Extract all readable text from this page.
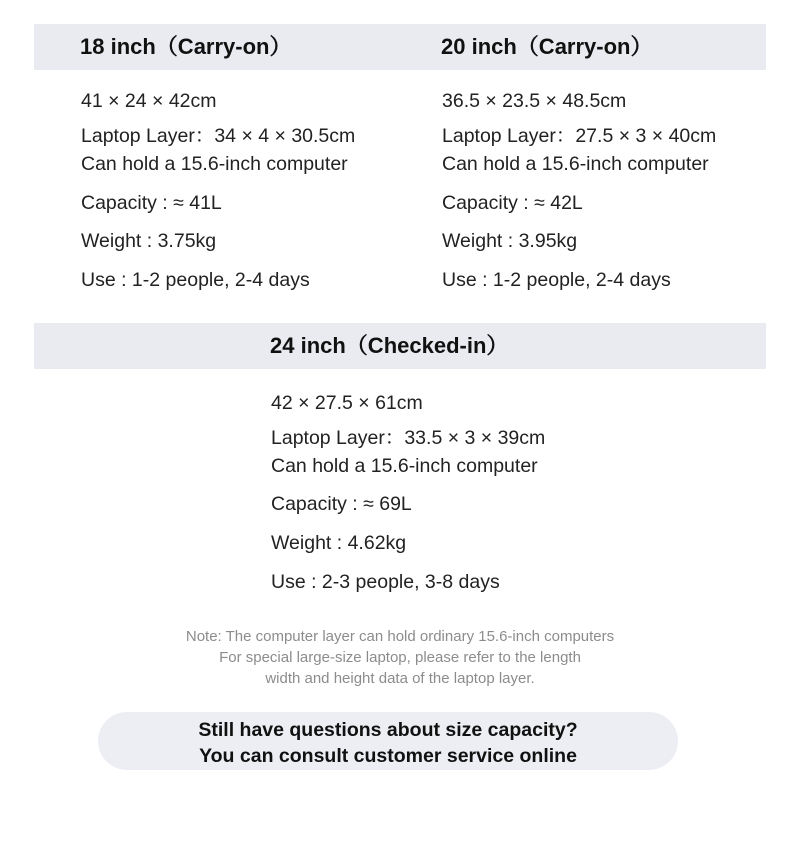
18 inch（Carry-on）	20 inch（Carry-on）
41 × 24 × 42cm
Laptop Layer：34 × 4 × 30.5cm
Can hold a 15.6-inch computer
Capacity : ≈ 41L
Weight : 3.75kg
Use : 1-2 people, 2-4 days
36.5 × 23.5 × 48.5cm
Laptop Layer：27.5 × 3 × 40cm
Can hold a 15.6-inch computer
Capacity : ≈ 42L
Weight : 3.95kg
Use : 1-2 people, 2-4 days
24 inch（Checked-in）
42 × 27.5 × 61cm
Laptop Layer：33.5 × 3 × 39cm
Can hold a 15.6-inch computer
Capacity : ≈ 69L
Weight : 4.62kg
Use : 2-3 people, 3-8 days
Note: The computer layer can hold ordinary 15.6-inch computers
For special large-size laptop, please refer to the length
width and height data of the laptop layer.
Still have questions about size capacity?
You can consult customer service online
